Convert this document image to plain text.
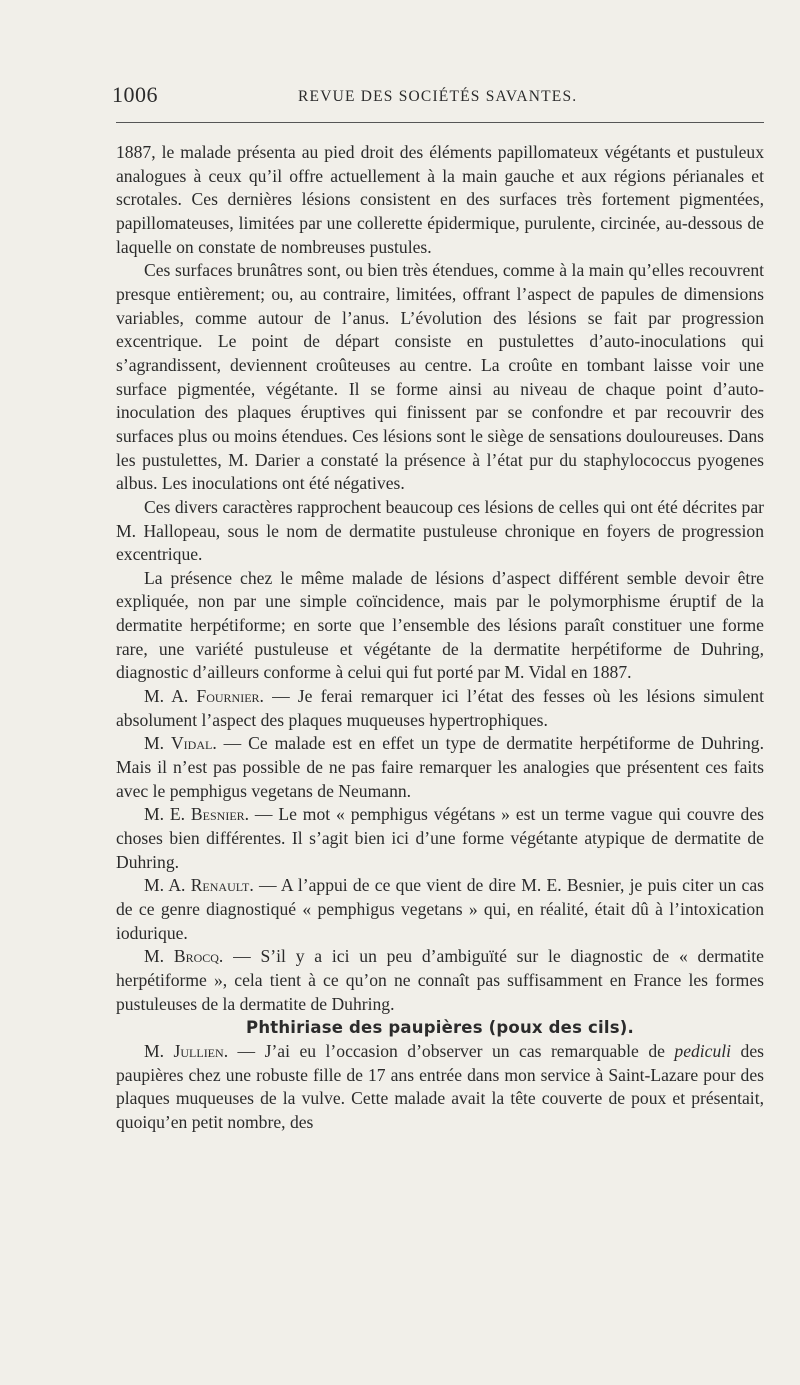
1006	REVUE DES SOCIÉTÉS SAVANTES.

1887, le malade présenta au pied droit des éléments papillomateux végétants et pustuleux analogues à ceux qu’il offre actuellement à la main gauche et aux régions périanales et scrotales. Ces dernières lésions consistent en des surfaces très fortement pigmentées, papillomateuses, limitées par une collerette épidermique, purulente, circinée, au-dessous de laquelle on constate de nombreuses pustules.

Ces surfaces brunâtres sont, ou bien très étendues, comme à la main qu’elles recouvrent presque entièrement; ou, au contraire, limitées, offrant l’aspect de papules de dimensions variables, comme autour de l’anus. L’évolution des lésions se fait par progression excentrique. Le point de départ consiste en pustulettes d’auto-inoculations qui s’agrandissent, deviennent croûteuses au centre. La croûte en tombant laisse voir une surface pigmentée, végétante. Il se forme ainsi au niveau de chaque point d’auto-inoculation des plaques éruptives qui finissent par se confondre et par recouvrir des surfaces plus ou moins étendues. Ces lésions sont le siège de sensations douloureuses. Dans les pustulettes, M. Darier a constaté la présence à l’état pur du staphylococcus pyogenes albus. Les inoculations ont été négatives.

Ces divers caractères rapprochent beaucoup ces lésions de celles qui ont été décrites par M. Hallopeau, sous le nom de dermatite pustuleuse chronique en foyers de progression excentrique.

La présence chez le même malade de lésions d’aspect différent semble devoir être expliquée, non par une simple coïncidence, mais par le polymorphisme éruptif de la dermatite herpétiforme; en sorte que l’ensemble des lésions paraît constituer une forme rare, une variété pustuleuse et végétante de la dermatite herpétiforme de Duhring, diagnostic d’ailleurs conforme à celui qui fut porté par M. Vidal en 1887.

M. A. Fournier. — Je ferai remarquer ici l’état des fesses où les lésions simulent absolument l’aspect des plaques muqueuses hypertrophiques.

M. Vidal. — Ce malade est en effet un type de dermatite herpétiforme de Duhring. Mais il n’est pas possible de ne pas faire remarquer les analogies que présentent ces faits avec le pemphigus vegetans de Neumann.

M. E. Besnier. — Le mot « pemphigus végétans » est un terme vague qui couvre des choses bien différentes. Il s’agit bien ici d’une forme végétante atypique de dermatite de Duhring.

M. A. Renault. — A l’appui de ce que vient de dire M. E. Besnier, je puis citer un cas de ce genre diagnostiqué « pemphigus vegetans » qui, en réalité, était dû à l’intoxication iodurique.

M. Brocq. — S’il y a ici un peu d’ambiguïté sur le diagnostic de « dermatite herpétiforme », cela tient à ce qu’on ne connaît pas suffisamment en France les formes pustuleuses de la dermatite de Duhring.

Phthiriase des paupières (poux des cils).

M. Jullien. — J’ai eu l’occasion d’observer un cas remarquable de pediculi des paupières chez une robuste fille de 17 ans entrée dans mon service à Saint-Lazare pour des plaques muqueuses de la vulve. Cette malade avait la tête couverte de poux et présentait, quoiqu’en petit nombre, des
